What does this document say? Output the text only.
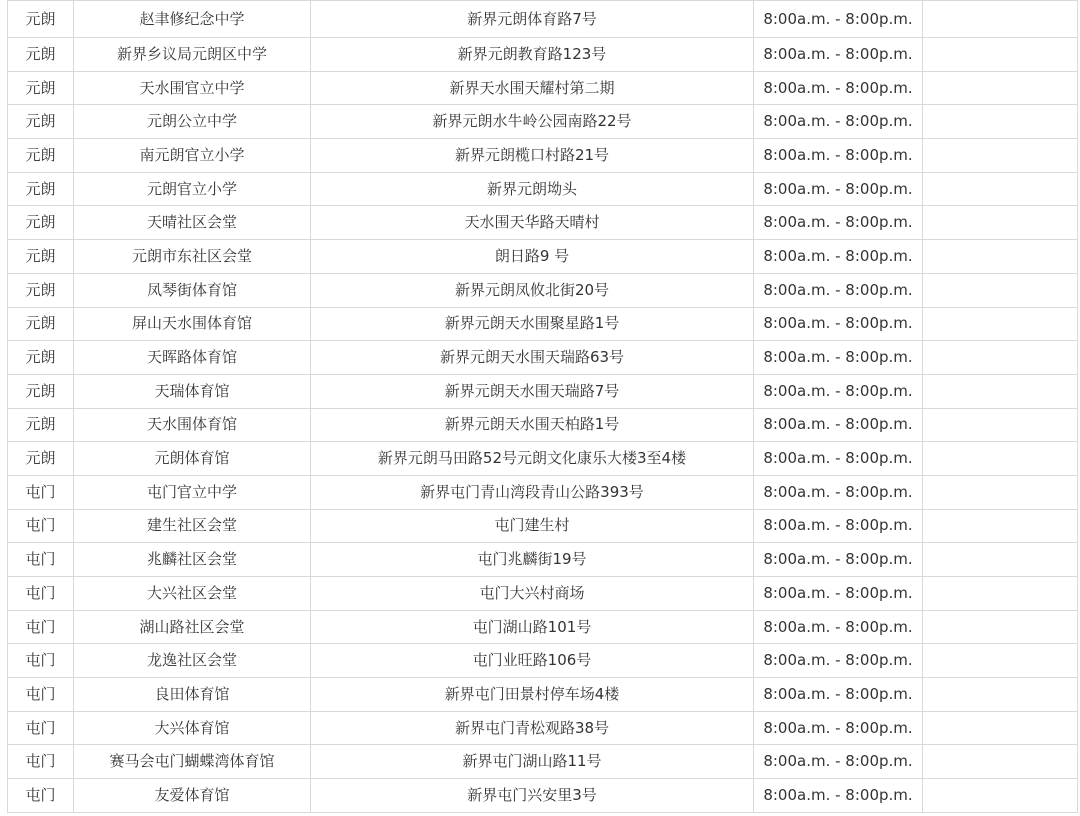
元朗	赵聿修纪念中学	新界元朗体育路7号	8:00a.m. - 8:00p.m.	
元朗	新界乡议局元朗区中学	新界元朗教育路123号	8:00a.m. - 8:00p.m.	
元朗	天水围官立中学	新界天水围天耀村第二期	8:00a.m. - 8:00p.m.	
元朗	元朗公立中学	新界元朗水牛岭公园南路22号	8:00a.m. - 8:00p.m.	
元朗	南元朗官立小学	新界元朗榄口村路21号	8:00a.m. - 8:00p.m.	
元朗	元朗官立小学	新界元朗坳头	8:00a.m. - 8:00p.m.	
元朗	天晴社区会堂	天水围天华路天晴村	8:00a.m. - 8:00p.m.	
元朗	元朗市东社区会堂	朗日路9 号	8:00a.m. - 8:00p.m.	
元朗	凤琴街体育馆	新界元朗凤攸北街20号	8:00a.m. - 8:00p.m.	
元朗	屏山天水围体育馆	新界元朗天水围聚星路1号	8:00a.m. - 8:00p.m.	
元朗	天晖路体育馆	新界元朗天水围天瑞路63号	8:00a.m. - 8:00p.m.	
元朗	天瑞体育馆	新界元朗天水围天瑞路7号	8:00a.m. - 8:00p.m.	
元朗	天水围体育馆	新界元朗天水围天柏路1号	8:00a.m. - 8:00p.m.	
元朗	元朗体育馆	新界元朗马田路52号元朗文化康乐大楼3至4楼	8:00a.m. - 8:00p.m.	
屯门	屯门官立中学	新界屯门青山湾段青山公路393号	8:00a.m. - 8:00p.m.	
屯门	建生社区会堂	屯门建生村	8:00a.m. - 8:00p.m.	
屯门	兆麟社区会堂	屯门兆麟街19号	8:00a.m. - 8:00p.m.	
屯门	大兴社区会堂	屯门大兴村商场	8:00a.m. - 8:00p.m.	
屯门	湖山路社区会堂	屯门湖山路101号	8:00a.m. - 8:00p.m.	
屯门	龙逸社区会堂	屯门业旺路106号	8:00a.m. - 8:00p.m.	
屯门	良田体育馆	新界屯门田景村停车场4楼	8:00a.m. - 8:00p.m.	
屯门	大兴体育馆	新界屯门青松观路38号	8:00a.m. - 8:00p.m.	
屯门	赛马会屯门蝴蝶湾体育馆	新界屯门湖山路11号	8:00a.m. - 8:00p.m.	
屯门	友爱体育馆	新界屯门兴安里3号	8:00a.m. - 8:00p.m.	
